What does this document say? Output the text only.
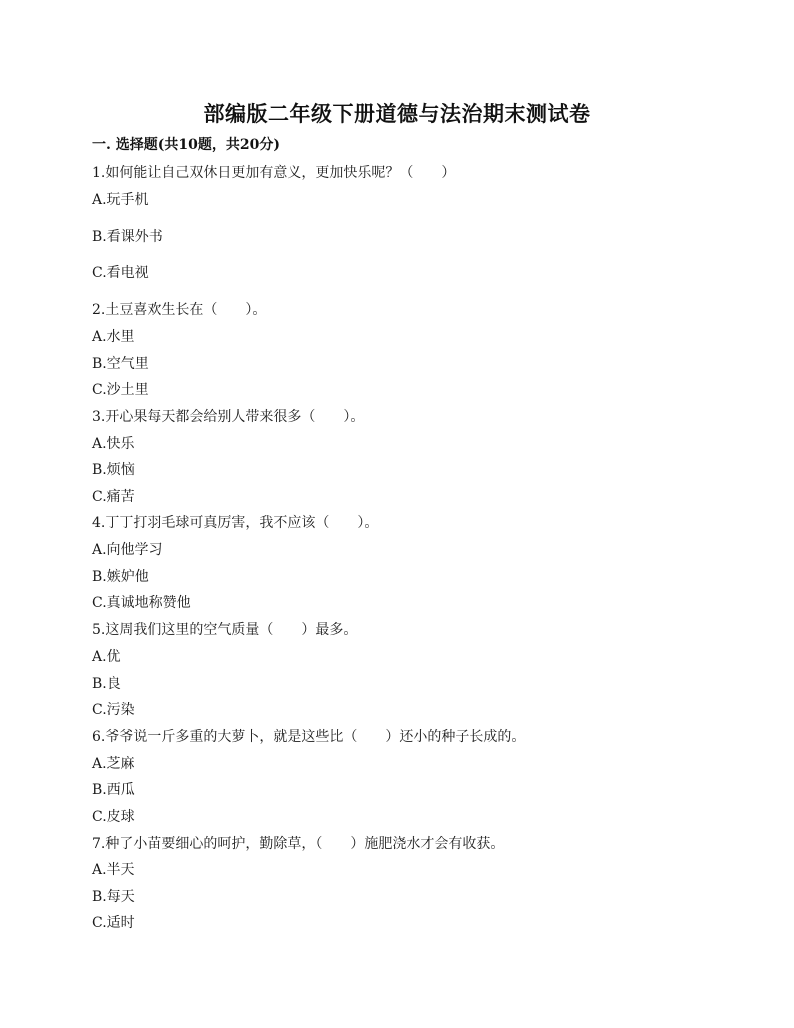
部编版二年级下册道德与法治期末测试卷
一. 选择题(共10题，共20分)
1.如何能让自己双休日更加有意义，更加快乐呢？（　　）
A.玩手机
B.看课外书
C.看电视
2.土豆喜欢生长在（　　）。
A.水里
B.空气里
C.沙土里
3.开心果每天都会给别人带来很多（　　）。
A.快乐
B.烦恼
C.痛苦
4.丁丁打羽毛球可真厉害，我不应该（　　）。
A.向他学习
B.嫉妒他
C.真诚地称赞他
5.这周我们这里的空气质量（　　）最多。
A.优
B.良
C.污染
6.爷爷说一斤多重的大萝卜，就是这些比（　　）还小的种子长成的。
A.芝麻
B.西瓜
C.皮球
7.种了小苗要细心的呵护，勤除草，（　　）施肥浇水才会有收获。
A.半天
B.每天
C.适时
